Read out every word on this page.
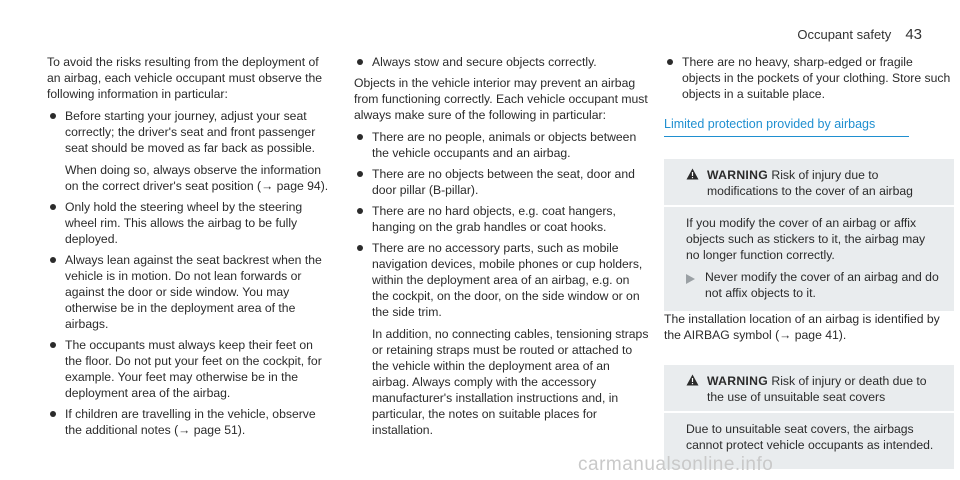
Occupant safety 43

To avoid the risks resulting from the deployment of an airbag, each vehicle occupant must observe the following information in particular:

Before starting your journey, adjust your seat correctly; the driver's seat and front passenger seat should be moved as far back as possible.

When doing so, always observe the information on the correct driver's seat position (→ page 94).

Only hold the steering wheel by the steering wheel rim. This allows the airbag to be fully deployed.
Always lean against the seat backrest when the vehicle is in motion. Do not lean forwards or against the door or side window. You may otherwise be in the deployment area of the airbags.
The occupants must always keep their feet on the floor. Do not put your feet on the cockpit, for example. Your feet may otherwise be in the deployment area of the airbag.
If children are travelling in the vehicle, observe the additional notes (→ page 51).
Always stow and secure objects correctly.

Objects in the vehicle interior may prevent an airbag from functioning correctly. Each vehicle occupant must always make sure of the following in particular:

There are no people, animals or objects between the vehicle occupants and an airbag.
There are no objects between the seat, door and door pillar (B-pillar).
There are no hard objects, e.g. coat hangers, hanging on the grab handles or coat hooks.
There are no accessory parts, such as mobile navigation devices, mobile phones or cup holders, within the deployment area of an airbag, e.g. on the cockpit, on the door, on the side window or on the side trim.

In addition, no connecting cables, tensioning straps or retaining straps must be routed or attached to the vehicle within the deployment area of an airbag. Always comply with the accessory manufacturer's installation instructions and, in particular, the notes on suitable places for installation.

There are no heavy, sharp-edged or fragile objects in the pockets of your clothing. Store such objects in a suitable place.
Limited protection provided by airbags
WARNING Risk of injury due to modifications to the cover of an airbag

If you modify the cover of an airbag or affix objects such as stickers to it, the airbag may no longer function correctly.

Never modify the cover of an airbag and do not affix objects to it.

The installation location of an airbag is identified by the AIRBAG symbol (→ page 41).

WARNING Risk of injury or death due to the use of unsuitable seat covers

Due to unsuitable seat covers, the airbags cannot protect vehicle occupants as intended.

carmanualsonline.info
